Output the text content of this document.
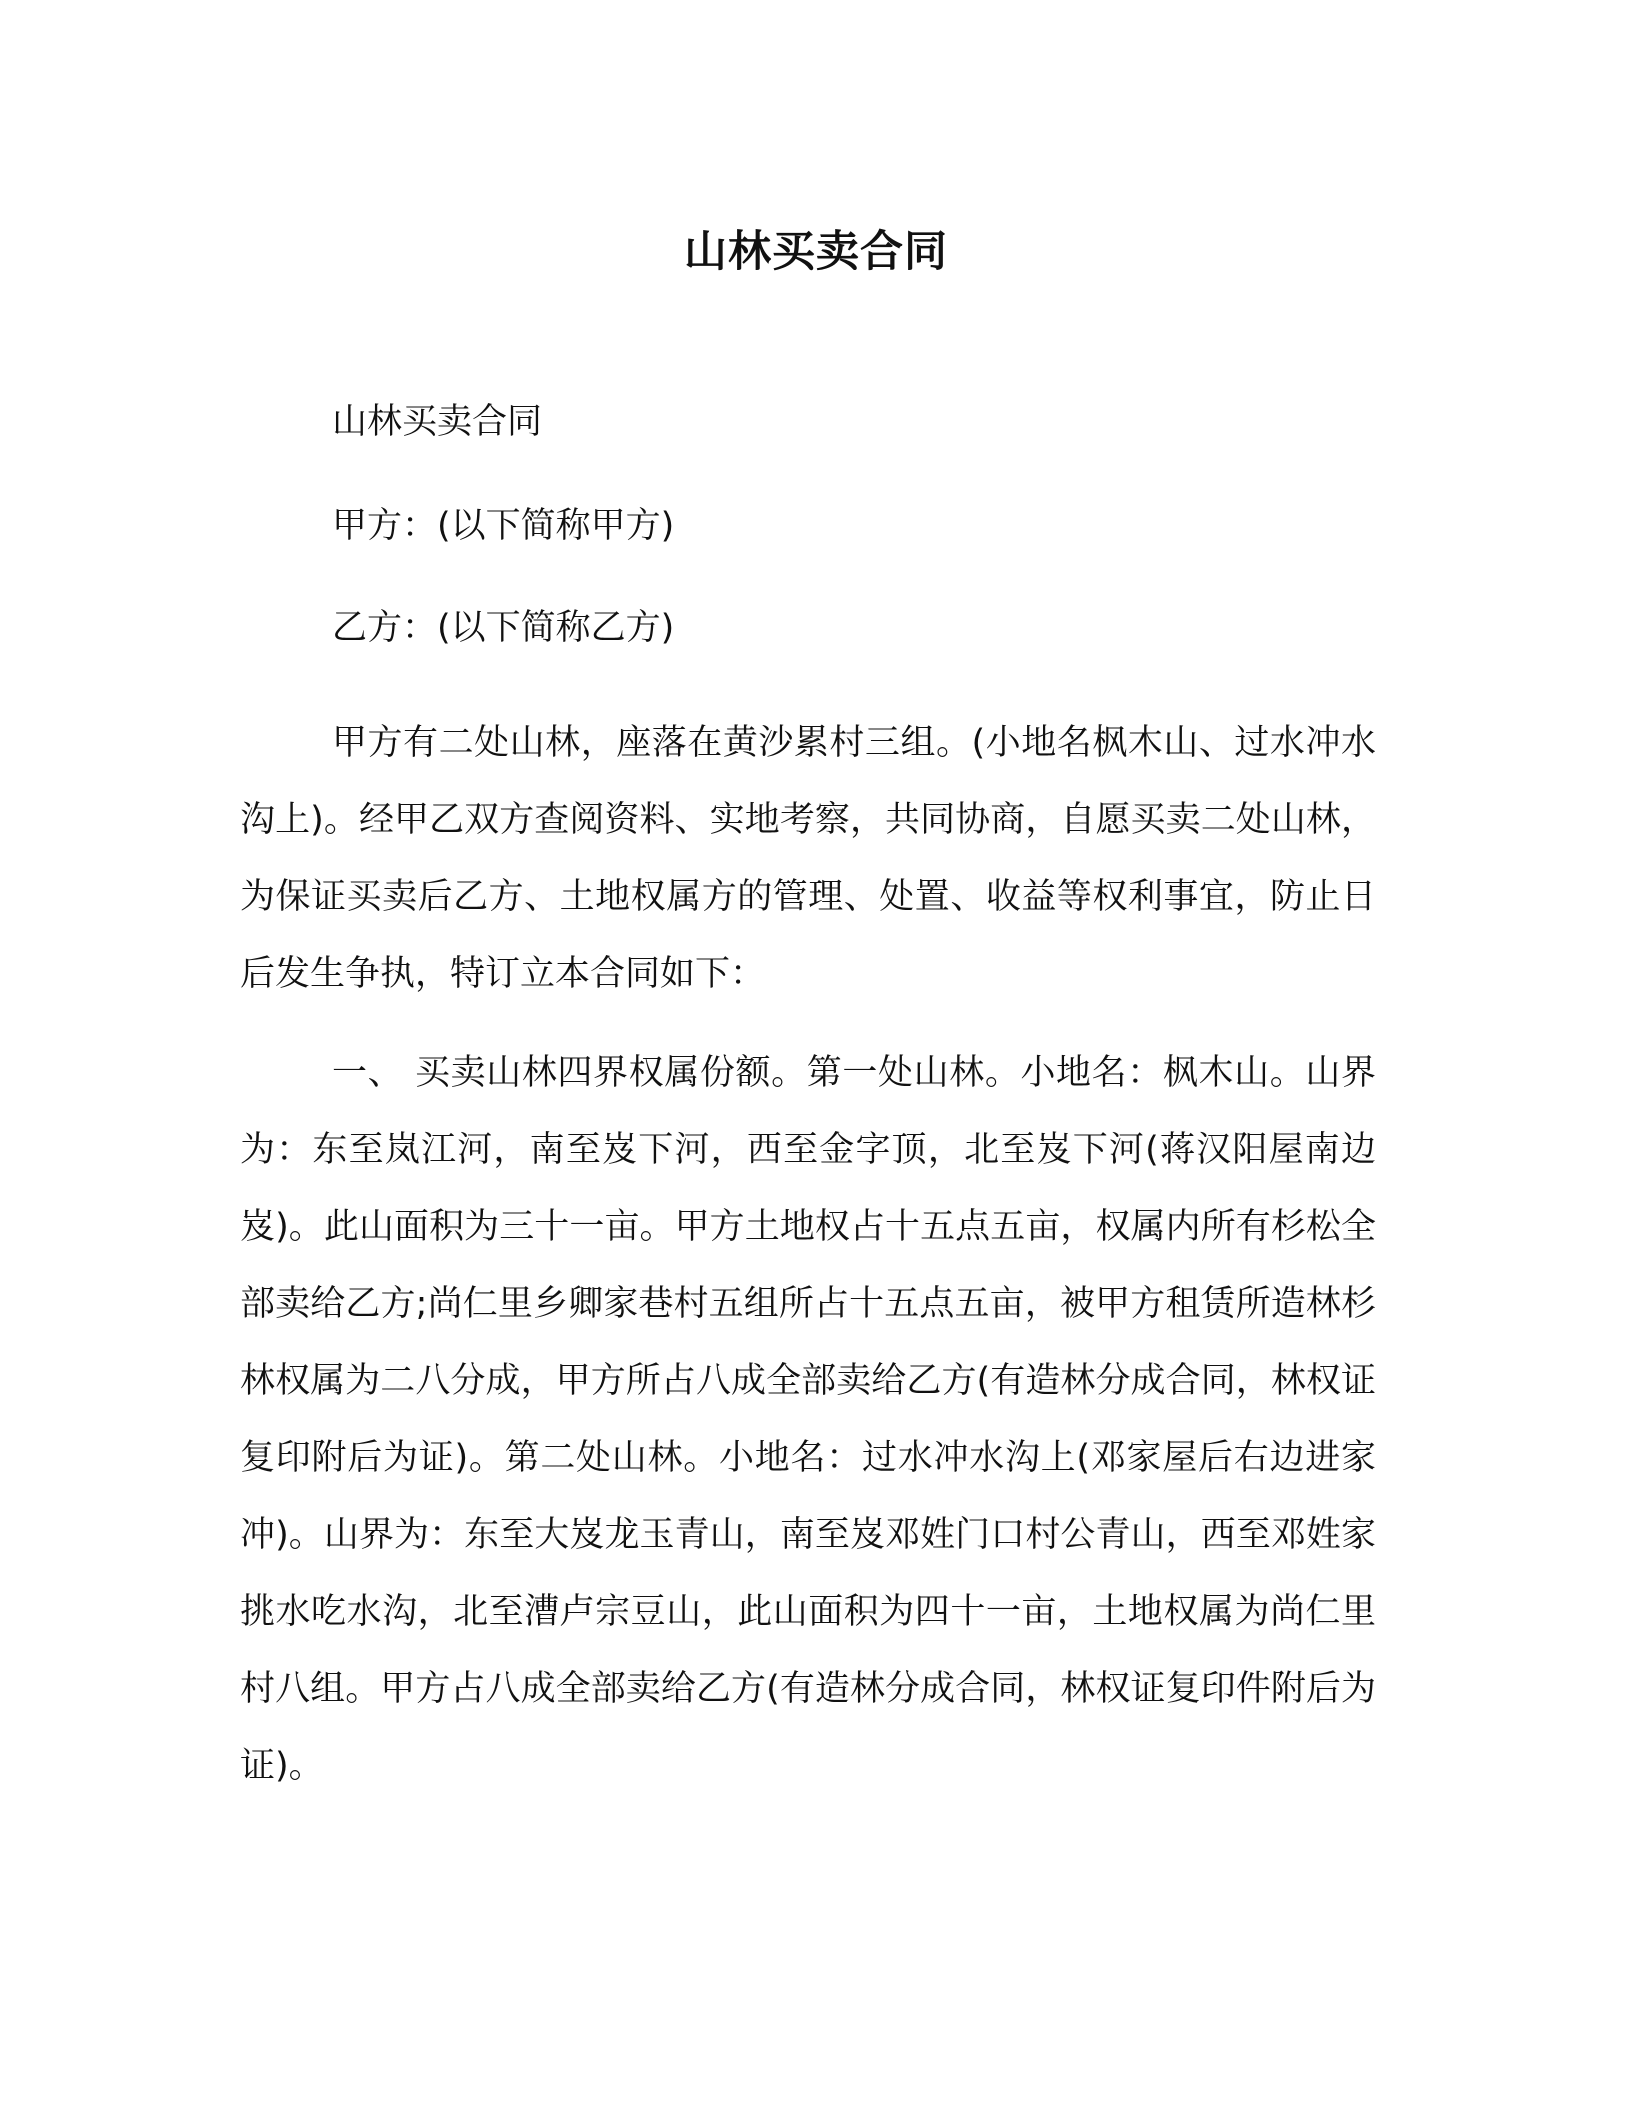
山林买卖合同

山林买卖合同

甲方：(以下简称甲方)

乙方：(以下简称乙方)

甲方有二处山林，座落在黄沙累村三组。(小地名枫木山、过水冲水沟上)。经甲乙双方查阅资料、实地考察，共同协商，自愿买卖二处山林，为保证买卖后乙方、土地权属方的管理、处置、收益等权利事宜，防止日后发生争执，特订立本合同如下：

一、 买卖山林四界权属份额。第一处山林。小地名：枫木山。山界为：东至岚江河，南至岌下河，西至金字顶，北至岌下河(蒋汉阳屋南边岌)。此山面积为三十一亩。甲方土地权占十五点五亩，权属内所有杉松全部卖给乙方;尚仁里乡卿家巷村五组所占十五点五亩，被甲方租赁所造林杉林权属为二八分成，甲方所占八成全部卖给乙方(有造林分成合同，林权证复印附后为证)。第二处山林。小地名：过水冲水沟上(邓家屋后右边进家冲)。山界为：东至大岌龙玉青山，南至岌邓姓门口村公青山，西至邓姓家挑水吃水沟，北至漕卢宗豆山，此山面积为四十一亩，土地权属为尚仁里村八组。甲方占八成全部卖给乙方(有造林分成合同，林权证复印件附后为证)。
